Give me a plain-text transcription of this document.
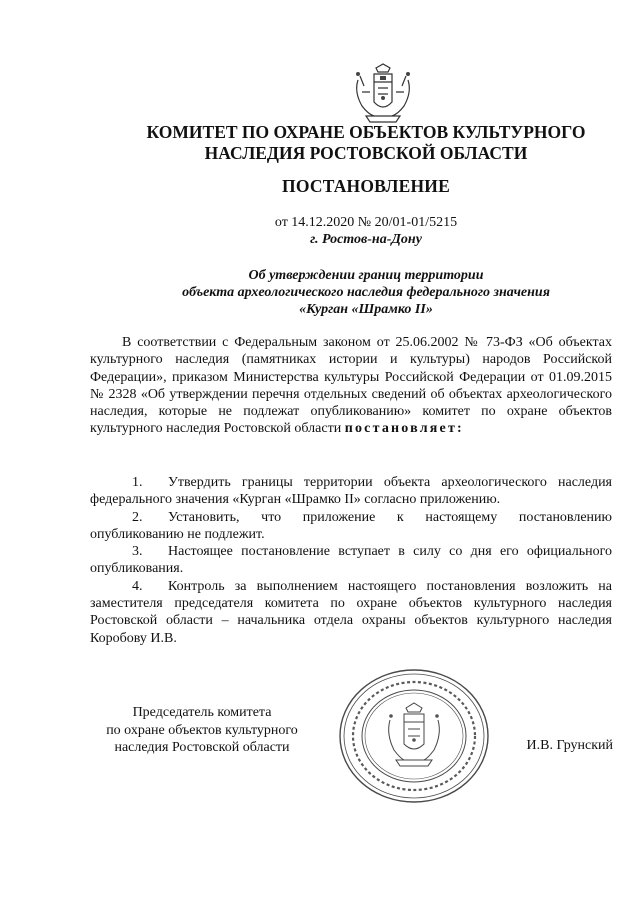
КОМИТЕТ ПО ОХРАНЕ ОБЪЕКТОВ КУЛЬТУРНОГО
НАСЛЕДИЯ РОСТОВСКОЙ ОБЛАСТИ
ПОСТАНОВЛЕНИЕ
от 14.12.2020 № 20/01-01/5215
г. Ростов-на-Дону
Об утверждении границ территории
объекта археологического наследия федерального значения
«Курган «Шрамко II»

В соответствии с Федеральным законом от 25.06.2002 № 73-ФЗ «Об объектах культурного наследия (памятниках истории и культуры) народов Российской Федерации», приказом Министерства культуры Российской Федерации от 01.09.2015 № 2328 «Об утверждении перечня отдельных сведений об объектах археологического наследия, которые не подлежат опубликованию» комитет по охране объектов культурного наследия Ростовской области постановляет:

1. Утвердить границы территории объекта археологического наследия федерального значения «Курган «Шрамко II» согласно приложению.

2. Установить, что приложение к настоящему постановлению опубликованию не подлежит.

3. Настоящее постановление вступает в силу со дня его официального опубликования.

4. Контроль за выполнением настоящего постановления возложить на заместителя председателя комитета по охране объектов культурного наследия Ростовской области – начальника отдела охраны объектов культурного наследия Коробову И.В.

Председатель комитета
по охране объектов культурного
наследия Ростовской области	И.В. Грунский
